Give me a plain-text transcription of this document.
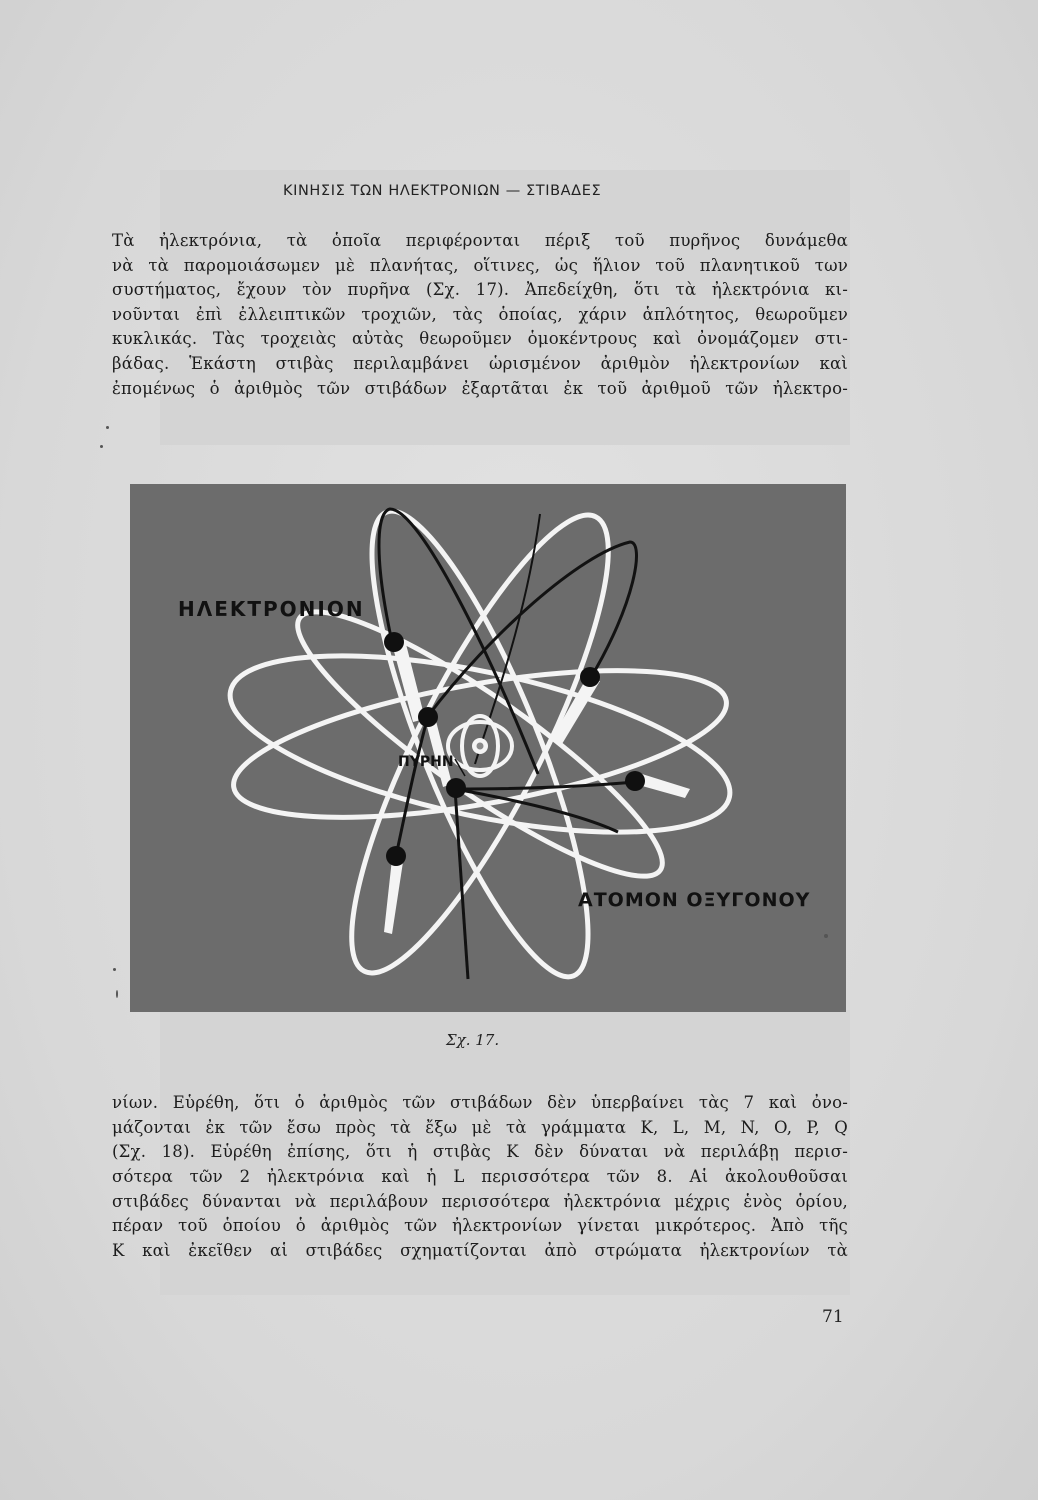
ΚΙΝΗΣΙΣ ΤΩΝ ΗΛΕΚΤΡΟΝΙΩΝ — ΣΤΙΒΑΔΕΣ
Τὰ ἠλεκτρόνια, τὰ ὁποῖα περιφέρονται πέριξ τοῦ πυρῆνος δυνάμεθα
νὰ τὰ παρομοιάσωμεν μὲ πλανήτας, οἵτινες, ὡς ἥλιον τοῦ πλανητικοῦ των
συστήματος, ἔχουν τὸν πυρῆνα (Σχ. 17). Ἀπεδείχθη, ὅτι τὰ ἠλεκτρόνια κι-
νοῦνται ἐπὶ ἐλλειπτικῶν τροχιῶν, τὰς ὁποίας, χάριν ἁπλότητος, θεωροῦμεν
κυκλικάς. Τὰς τροχειὰς αὐτὰς θεωροῦμεν ὁμοκέντρους καὶ ὀνομάζομεν στι-
βάδας. Ἑκάστη στιβὰς περιλαμβάνει ὡρισμένον ἀριθμὸν ἠλεκτρονίων καὶ
ἐπομένως ὁ ἀριθμὸς τῶν στιβάδων ἐξαρτᾶται ἐκ τοῦ ἀριθμοῦ τῶν ἠλεκτρο-
ΗΛΕΚΤΡΟΝΙΟΝ
ΠΥΡΗΝ
ΑΤΟΜΟΝ ΟΞΥΓΟΝΟΥ
Σχ. 17.
νίων. Εὑρέθη, ὅτι ὁ ἀριθμὸς τῶν στιβάδων δὲν ὑπερβαίνει τὰς 7 καὶ ὀνο-
μάζονται ἐκ τῶν ἔσω πρὸς τὰ ἔξω μὲ τὰ γράμματα K, L, M, N, O, P, Q
(Σχ. 18). Εὑρέθη ἐπίσης, ὅτι ἡ στιβὰς K δὲν δύναται νὰ περιλάβῃ περισ-
σότερα τῶν 2 ἠλεκτρόνια καὶ ἡ L περισσότερα τῶν 8. Αἱ ἀκολουθοῦσαι
στιβάδες δύνανται νὰ περιλάβουν περισσότερα ἠλεκτρόνια μέχρις ἑνὸς ὁρίου,
πέραν τοῦ ὁποίου ὁ ἀριθμὸς τῶν ἠλεκτρονίων γίνεται μικρότερος. Ἀπὸ τῆς
K καὶ ἐκεῖθεν αἱ στιβάδες σχηματίζονται ἀπὸ στρώματα ἠλεκτρονίων τὰ
71
